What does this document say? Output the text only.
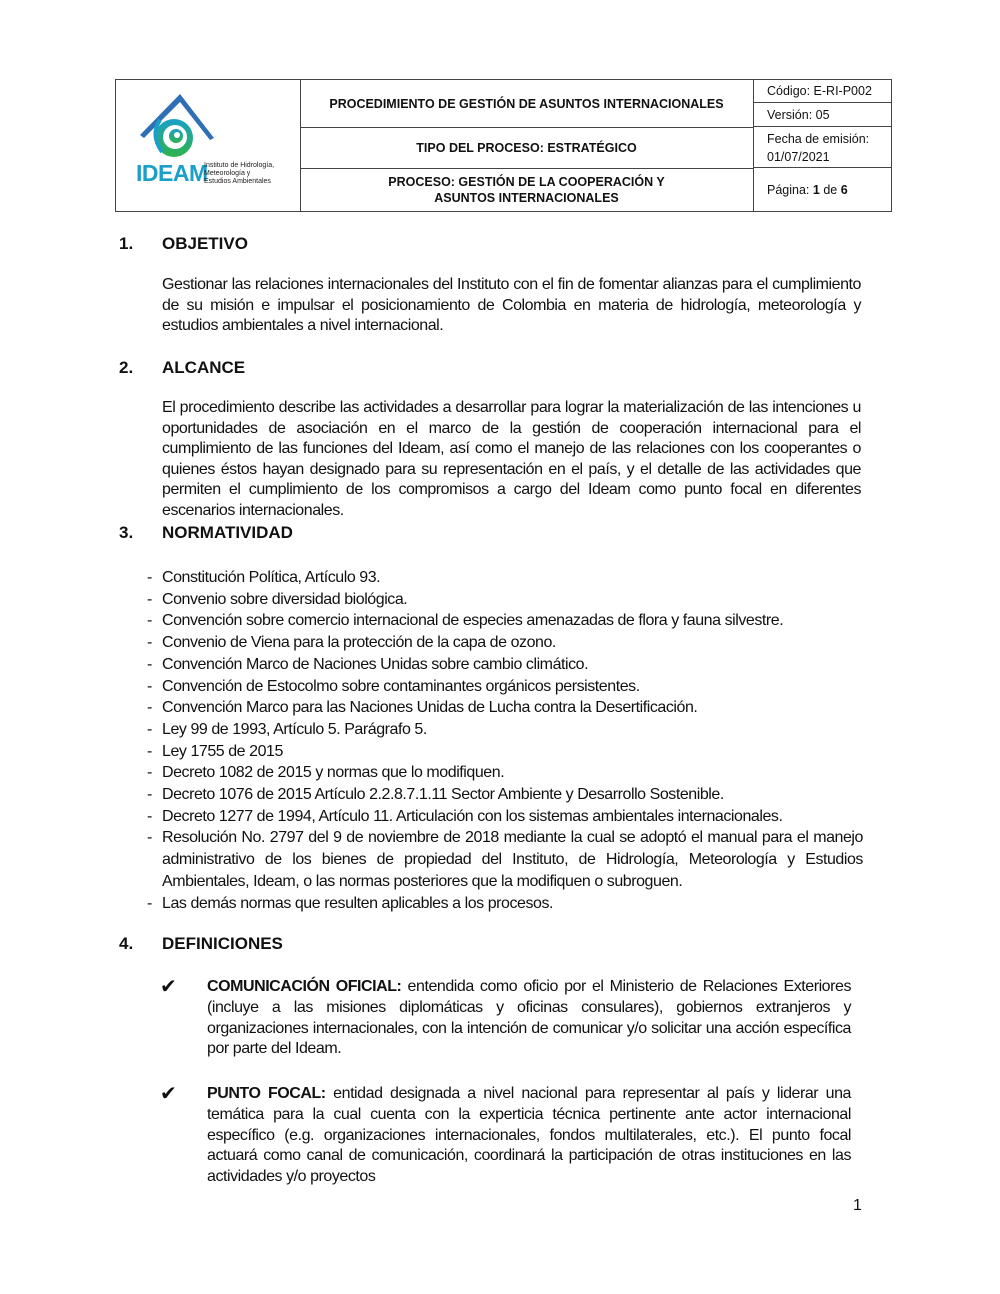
IDEAM
Instituto de Hidrología,
Meteorología y
Estudios Ambientales
PROCEDIMIENTO DE GESTIÓN DE ASUNTOS INTERNACIONALES
TIPO DEL PROCESO: ESTRATÉGICO
PROCESO: GESTIÓN DE LA COOPERACIÓN Y ASUNTOS INTERNACIONALES
Código: E-RI-P002
Versión: 05
Fecha de emisión:
01/07/2021
Página:
1
de
6
1. OBJETIVO
Gestionar las relaciones internacionales del Instituto con el fin de fomentar alianzas para el cumplimiento de su misión e impulsar el posicionamiento de Colombia en materia de hidrología, meteorología y estudios ambientales a nivel internacional.
2. ALCANCE
El procedimiento describe las actividades a desarrollar para lograr la materialización de las intenciones u oportunidades de asociación en el marco de la gestión de cooperación internacional para el cumplimiento de las funciones del Ideam, así como el manejo de las relaciones con los cooperantes o quienes éstos hayan designado para su representación en el país, y el detalle de las actividades que permiten el cumplimiento de los compromisos a cargo del Ideam como punto focal en diferentes escenarios internacionales.
3. NORMATIVIDAD
- Constitución Política, Artículo 93.
- Convenio sobre diversidad biológica.
- Convención sobre comercio internacional de especies amenazadas de flora y fauna silvestre.
- Convenio de Viena para la protección de la capa de ozono.
- Convención Marco de Naciones Unidas sobre cambio climático.
- Convención de Estocolmo sobre contaminantes orgánicos persistentes.
- Convención Marco para las Naciones Unidas de Lucha contra la Desertificación.
- Ley 99 de 1993, Artículo 5. Parágrafo 5.
- Ley 1755 de 2015
- Decreto 1082 de 2015 y normas que lo modifiquen.
- Decreto 1076 de 2015 Artículo 2.2.8.7.1.11 Sector Ambiente y Desarrollo Sostenible.
- Decreto 1277 de 1994, Artículo 11. Articulación con los sistemas ambientales internacionales.
- Resolución No. 2797 del 9 de noviembre de 2018 mediante la cual se adoptó el manual para el manejo administrativo de los bienes de propiedad del Instituto, de Hidrología, Meteorología y Estudios Ambientales, Ideam, o las normas posteriores que la modifiquen o subroguen.
- Las demás normas que resulten aplicables a los procesos.
4. DEFINICIONES
✔	COMUNICACIÓN OFICIAL: entendida como oficio por el Ministerio de Relaciones Exteriores (incluye a las misiones diplomáticas y oficinas consulares), gobiernos extranjeros y organizaciones internacionales, con la intención de comunicar y/o solicitar una acción específica por parte del Ideam.
✔	PUNTO FOCAL: entidad designada a nivel nacional para representar al país y liderar una temática para la cual cuenta con la experticia técnica pertinente ante actor internacional específico (e.g. organizaciones internacionales, fondos multilaterales, etc.). El punto focal actuará como canal de comunicación, coordinará la participación de otras instituciones en las actividades y/o proyectos
1
